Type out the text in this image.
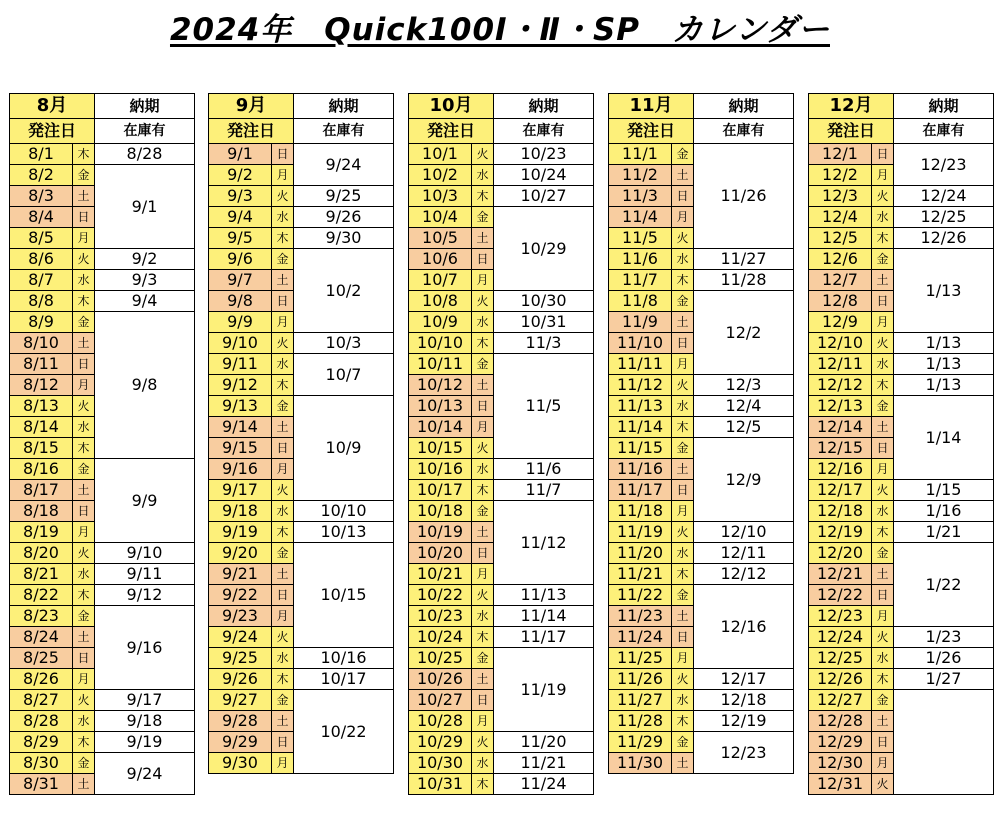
2024年　Quick100Ⅰ・Ⅱ・SP　カレンダー
8月		納期
発注日		在庫有
8/1	木	8/28
8/2	金	9/1
8/3	土	
8/4	日	
8/5	月	
8/6	火	9/2
8/7	水	9/3
8/8	木	9/4
8/9	金	9/8
8/10	土	
8/11	日	
8/12	月	
8/13	火	
8/14	水	
8/15	木	
8/16	金	9/9
8/17	土	
8/18	日	
8/19	月	
8/20	火	9/10
8/21	水	9/11
8/22	木	9/12
8/23	金	9/16
8/24	土	
8/25	日	
8/26	月	
8/27	火	9/17
8/28	水	9/18
8/29	木	9/19
8/30	金	9/24
8/31	土	
9月		納期
発注日		在庫有
9/1	日	9/24
9/2	月	
9/3	火	9/25
9/4	水	9/26
9/5	木	9/30
9/6	金	10/2
9/7	土	
9/8	日	
9/9	月	
9/10	火	10/3
9/11	水	10/7
9/12	木	
9/13	金	10/9
9/14	土	
9/15	日	
9/16	月	
9/17	火	
9/18	水	10/10
9/19	木	10/13
9/20	金	10/15
9/21	土	
9/22	日	
9/23	月	
9/24	火	
9/25	水	10/16
9/26	木	10/17
9/27	金	10/22
9/28	土	
9/29	日	
9/30	月	
10月		納期
発注日		在庫有
10/1	火	10/23
10/2	水	10/24
10/3	木	10/27
10/4	金	10/29
10/5	土	
10/6	日	
10/7	月	
10/8	火	10/30
10/9	水	10/31
10/10	木	11/3
10/11	金	11/5
10/12	土	
10/13	日	
10/14	月	
10/15	火	
10/16	水	11/6
10/17	木	11/7
10/18	金	11/12
10/19	土	
10/20	日	
10/21	月	
10/22	火	11/13
10/23	水	11/14
10/24	木	11/17
10/25	金	11/19
10/26	土	
10/27	日	
10/28	月	
10/29	火	11/20
10/30	水	11/21
10/31	木	11/24
11月		納期
発注日		在庫有
11/1	金	11/26
11/2	土	
11/3	日	
11/4	月	
11/5	火	
11/6	水	11/27
11/7	木	11/28
11/8	金	12/2
11/9	土	
11/10	日	
11/11	月	
11/12	火	12/3
11/13	水	12/4
11/14	木	12/5
11/15	金	12/9
11/16	土	
11/17	日	
11/18	月	
11/19	火	12/10
11/20	水	12/11
11/21	木	12/12
11/22	金	12/16
11/23	土	
11/24	日	
11/25	月	
11/26	火	12/17
11/27	水	12/18
11/28	木	12/19
11/29	金	12/23
11/30	土	
12月		納期
発注日		在庫有
12/1	日	12/23
12/2	月	
12/3	火	12/24
12/4	水	12/25
12/5	木	12/26
12/6	金	1/13
12/7	土	
12/8	日	
12/9	月	
12/10	火	1/13
12/11	水	1/13
12/12	木	1/13
12/13	金	1/14
12/14	土	
12/15	日	
12/16	月	
12/17	火	1/15
12/18	水	1/16
12/19	木	1/21
12/20	金	1/22
12/21	土	
12/22	日	
12/23	月	
12/24	火	1/23
12/25	水	1/26
12/26	木	1/27
12/27	金	
12/28	土	
12/29	日	
12/30	月	
12/31	火	
